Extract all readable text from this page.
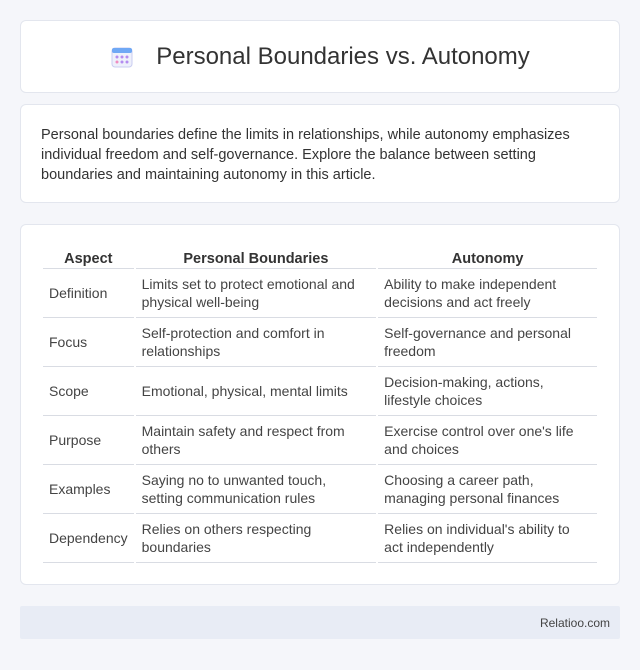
Personal Boundaries vs. Autonomy

Personal boundaries define the limits in relationships, while autonomy emphasizes individual freedom and self-governance. Explore the balance between setting boundaries and maintaining autonomy in this article.

Aspect	Personal Boundaries	Autonomy
Definition	Limits set to protect emotional and physical well-being	Ability to make independent decisions and act freely
Focus	Self-protection and comfort in relationships	Self-governance and personal freedom
Scope	Emotional, physical, mental limits	Decision-making, actions, lifestyle choices
Purpose	Maintain safety and respect from others	Exercise control over one's life and choices
Examples	Saying no to unwanted touch, setting communication rules	Choosing a career path, managing personal finances
Dependency	Relies on others respecting boundaries	Relies on individual's ability to act independently
Relatioo.com
